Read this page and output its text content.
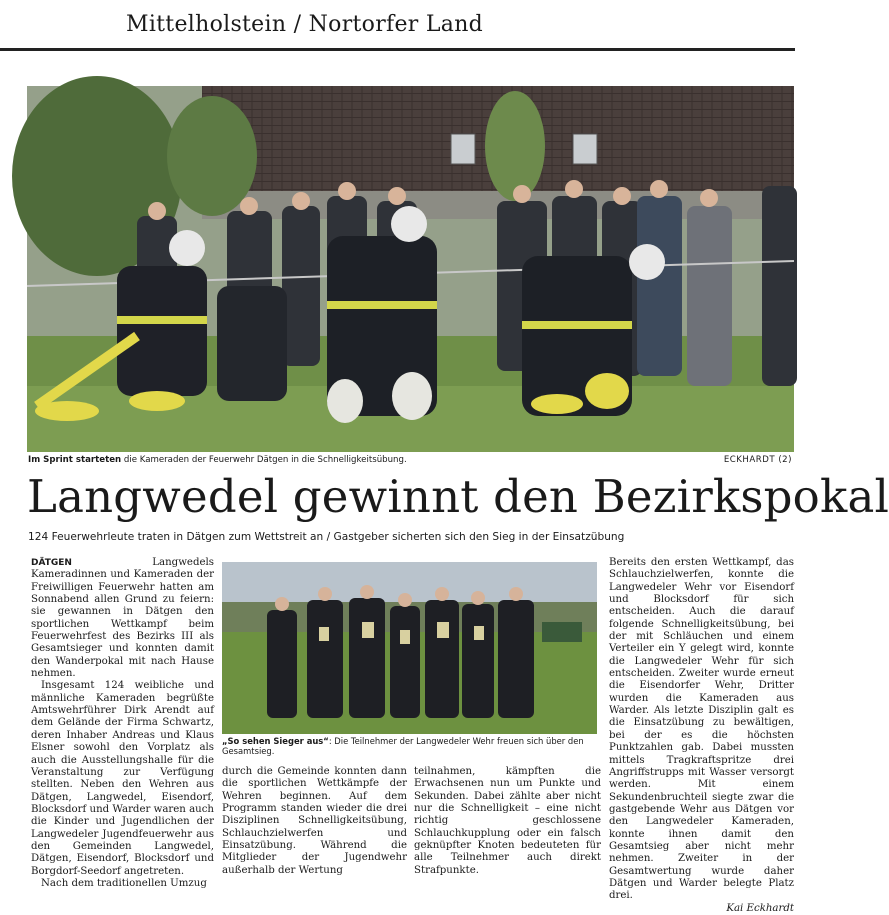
Mittelholstein / Nortorfer Land
Im Sprint starteten die Kameraden der Feuerwehr Dätgen in die Schnelligkeitsübung.	ECKHARDT (2)
Langwedel gewinnt den Bezirkspokal
124 Feuerwehrleute traten in Dätgen zum Wettstreit an / Gastgeber sicherten sich den Sieg in der Einsatzübung

DÄTGEN Langwedels Kameradinnen und Kameraden der Freiwilligen Feuerwehr hatten am Sonnabend allen Grund zu feiern: sie gewannen in Dätgen den sportlichen Wettkampf beim Feuerwehrfest des Bezirks III als Gesamtsieger und konnten damit den Wanderpokal mit nach Hause nehmen.

Insgesamt 124 weibliche und männliche Kameraden begrüßte Amtswehrführer Dirk Arendt auf dem Gelände der Firma Schwartz, deren Inhaber Andreas und Klaus Elsner sowohl den Vorplatz als auch die Ausstellungshalle für die Veranstaltung zur Verfügung stellten. Neben den Wehren aus Dätgen, Langwedel, Eisendorf, Blocksdorf und Warder waren auch die Kinder und Jugendlichen der Langwedeler Jugendfeuerwehr aus den Gemeinden Langwedel, Dätgen, Eisendorf, Blocksdorf und Borgdorf-Seedorf angetreten.

Nach dem traditionellen Umzug

„So sehen Sieger aus“: Die Teilnehmer der Langwedeler Wehr freuen sich über den Gesamtsieg.

durch die Gemeinde konnten dann die sportlichen Wettkämpfe der Wehren beginnen. Auf dem Programm standen wieder die drei Disziplinen Schnelligkeitsübung, Schlauchzielwerfen und Einsatzübung. Während die Mitglieder der Jugendwehr außerhalb der Wertung

teilnahmen, kämpften die Erwachsenen nun um Punkte und Sekunden. Dabei zählte aber nicht nur die Schnelligkeit – eine nicht richtig geschlossene Schlauchkupplung oder ein falsch geknüpfter Knoten bedeuteten für alle Teilnehmer auch direkt Strafpunkte.

Bereits den ersten Wettkampf, das Schlauchzielwerfen, konnte die Langwedeler Wehr vor Eisendorf und Blocksdorf für sich entscheiden. Auch die darauf folgende Schnelligkeitsübung, bei der mit Schläuchen und einem Verteiler ein Y gelegt wird, konnte die Langwedeler Wehr für sich entscheiden. Zweiter wurde erneut die Eisendorfer Wehr, Dritter wurden die Kameraden aus Warder. Als letzte Disziplin galt es die Einsatzübung zu bewältigen, bei der es die höchsten Punktzahlen gab. Dabei mussten mittels Tragkraftspritze drei Angriffstrupps mit Wasser versorgt werden. Mit einem Sekundenbruchteil siegte zwar die gastgebende Wehr aus Dätgen vor den Langwedeler Kameraden, konnte ihnen damit den Gesamtsieg aber nicht mehr nehmen. Zweiter in der Gesamtwertung wurde daher Dätgen und Warder belegte Platz drei.

Kai Eckhardt
